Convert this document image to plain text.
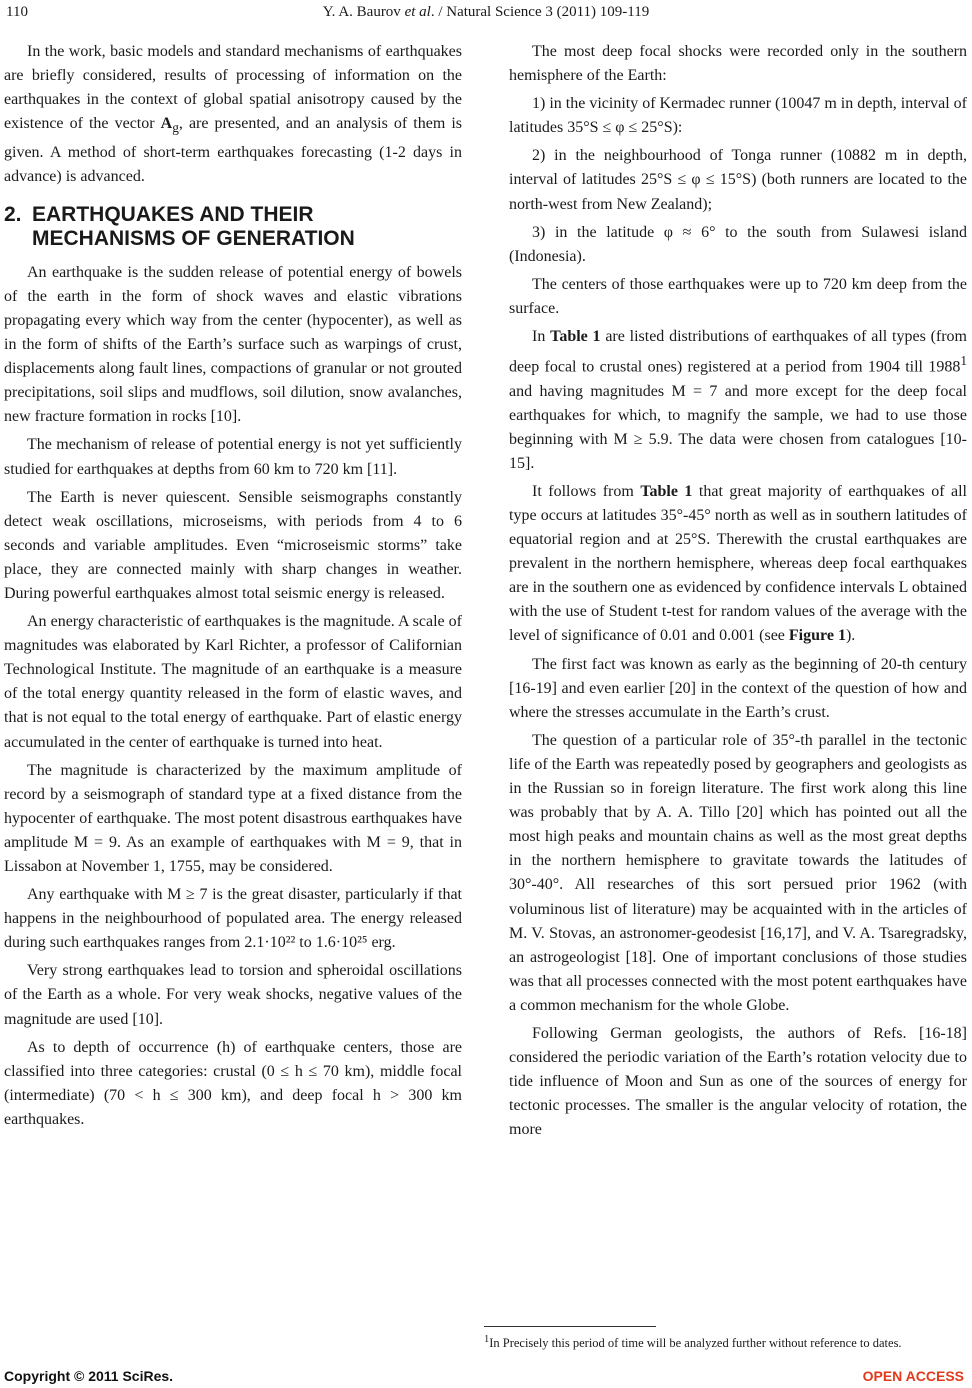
110	Y. A. Baurov et al. / Natural Science 3 (2011) 109-119

In the work, basic models and standard mechanisms of earthquakes are briefly considered, results of processing of information on the earthquakes in the context of global spatial anisotropy caused by the existence of the vector $A_g$, are presented, and an analysis of them is given. A method of short-term earthquakes forecasting (1-2 days in advance) is advanced.

2. EARTHQUAKES AND THEIR
MECHANISMS OF GENERATION

An earthquake is the sudden release of potential energy of bowels of the earth in the form of shock waves and elastic vibrations propagating every which way from the center (hypocenter), as well as in the form of shifts of the Earth’s surface such as warpings of crust, displacements along fault lines, compactions of granular or not grouted precipitations, soil slips and mudflows, soil dilution, snow avalanches, new fracture formation in rocks [10].

The mechanism of release of potential energy is not yet sufficiently studied for earthquakes at depths from 60 km to 720 km [11].

The Earth is never quiescent. Sensible seismographs constantly detect weak oscillations, microseisms, with periods from 4 to 6 seconds and variable amplitudes. Even “microseismic storms” take place, they are connected mainly with sharp changes in weather. During powerful earthquakes almost total seismic energy is released.

An energy characteristic of earthquakes is the magnitude. A scale of magnitudes was elaborated by Karl Richter, a professor of Californian Technological Institute. The magnitude of an earthquake is a measure of the total energy quantity released in the form of elastic waves, and that is not equal to the total energy of earthquake. Part of elastic energy accumulated in the center of earthquake is turned into heat.

The magnitude is characterized by the maximum amplitude of record by a seismograph of standard type at a fixed distance from the hypocenter of earthquake. The most potent disastrous earthquakes have amplitude M = 9. As an example of earthquakes with M = 9, that in Lissabon at November 1, 1755, may be considered.

Any earthquake with M ≥ 7 is the great disaster, particularly if that happens in the neighbourhood of populated area. The energy released during such earthquakes ranges from 2.1·10²² to 1.6·10²⁵ erg.

Very strong earthquakes lead to torsion and spheroidal oscillations of the Earth as a whole. For very weak shocks, negative values of the magnitude are used [10].

As to depth of occurrence (h) of earthquake centers, those are classified into three categories: crustal (0 ≤ h ≤ 70 km), middle focal (intermediate) (70 < h ≤ 300 km), and deep focal h > 300 km earthquakes.

The most deep focal shocks were recorded only in the southern hemisphere of the Earth:

1) in the vicinity of Kermadec runner (10047 m in depth, interval of latitudes 35°S ≤ φ ≤ 25°S):

2) in the neighbourhood of Tonga runner (10882 m in depth, interval of latitudes 25°S ≤ φ ≤ 15°S) (both runners are located to the north-west from New Zealand);

3) in the latitude φ ≈ 6° to the south from Sulawesi island (Indonesia).

The centers of those earthquakes were up to 720 km deep from the surface.

In Table 1 are listed distributions of earthquakes of all types (from deep focal to crustal ones) registered at a period from 1904 till 1988$^1$ and having magnitudes M = 7 and more except for the deep focal earthquakes for which, to magnify the sample, we had to use those beginning with M ≥ 5.9. The data were chosen from catalogues [10-15].

It follows from Table 1 that great majority of earthquakes of all type occurs at latitudes 35°-45° north as well as in southern latitudes of equatorial region and at 25°S. Therewith the crustal earthquakes are prevalent in the northern hemisphere, whereas deep focal earthquakes are in the southern one as evidenced by confidence intervals L obtained with the use of Student t-test for random values of the average with the level of significance of 0.01 and 0.001 (see Figure 1).

The first fact was known as early as the beginning of 20-th century [16-19] and even earlier [20] in the context of the question of how and where the stresses accumulate in the Earth’s crust.

The question of a particular role of 35°-th parallel in the tectonic life of the Earth was repeatedly posed by geographers and geologists as in the Russian so in foreign literature. The first work along this line was probably that by A. A. Tillo [20] which has pointed out all the most high peaks and mountain chains as well as the most great depths in the northern hemisphere to gravitate towards the latitudes of 30°-40°. All researches of this sort persued prior 1962 (with voluminous list of literature) may be acquainted with in the articles of M. V. Stovas, an astronomer-geodesist [16,17], and V. A. Tsaregradsky, an astrogeologist [18]. One of important conclusions of those studies was that all processes connected with the most potent earthquakes have a common mechanism for the whole Globe.

Following German geologists, the authors of Refs. [16-18] considered the periodic variation of the Earth’s rotation velocity due to tide influence of Moon and Sun as one of the sources of energy for tectonic processes. The smaller is the angular velocity of rotation, the more

$^1$In Precisely this period of time will be analyzed further without reference to dates.
Copyright © 2011 SciRes.	OPEN ACCESS
